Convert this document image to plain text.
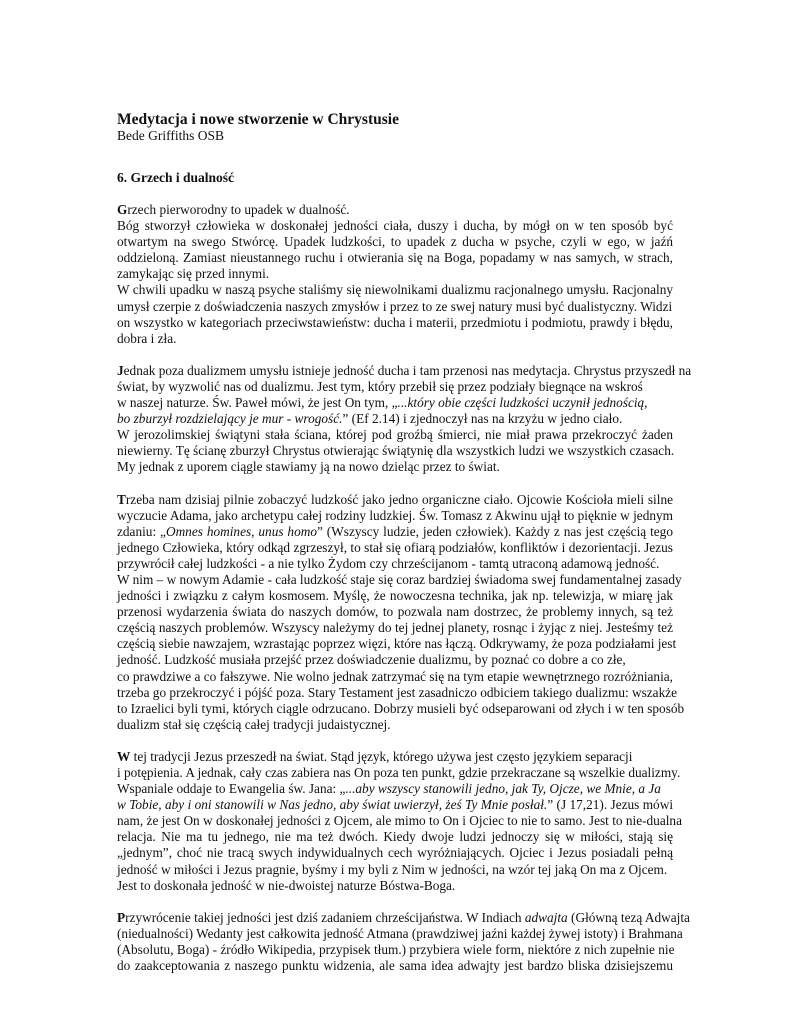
Medytacja i nowe stworzenie w Chrystusie

Bede Griffiths OSB

6. Grzech i dualność

Grzech pierworodny to upadek w dualność.
Bóg stworzył człowieka w doskonałej jedności ciała, duszy i ducha, by mógł on w ten sposób być
otwartym na swego Stwórcę. Upadek ludzkości, to upadek z ducha w psyche, czyli w ego, w jaźń
oddzieloną. Zamiast nieustannego ruchu i otwierania się na Boga, popadamy w nas samych, w strach,
zamykając się przed innymi.
W chwili upadku w naszą psyche staliśmy się niewolnikami dualizmu racjonalnego umysłu. Racjonalny
umysł czerpie z doświadczenia naszych zmysłów i przez to ze swej natury musi być dualistyczny. Widzi
on wszystko w kategoriach przeciwstawieństw: ducha i materii, przedmiotu i podmiotu, prawdy i błędu,
dobra i zła.

Jednak poza dualizmem umysłu istnieje jedność ducha i tam przenosi nas medytacja. Chrystus przyszedł na
świat, by wyzwolić nas od dualizmu. Jest tym, który przebił się przez podziały biegnące na wskroś
w naszej naturze. Św. Paweł mówi, że jest On tym, „...który obie części ludzkości uczynił jednością,
bo zburzył rozdzielający je mur - wrogość.” (Ef 2.14) i zjednoczył nas na krzyżu w jedno ciało.
W jerozolimskiej świątyni stała ściana, której pod groźbą śmierci, nie miał prawa przekroczyć żaden
niewierny. Tę ścianę zburzył Chrystus otwierając świątynię dla wszystkich ludzi we wszystkich czasach.
My jednak z uporem ciągle stawiamy ją na nowo dzieląc przez to świat.

Trzeba nam dzisiaj pilnie zobaczyć ludzkość jako jedno organiczne ciało. Ojcowie Kościoła mieli silne
wyczucie Adama, jako archetypu całej rodziny ludzkiej. Św. Tomasz z Akwinu ujął to pięknie w jednym
zdaniu: „Omnes homines, unus homo” (Wszyscy ludzie, jeden człowiek). Każdy z nas jest częścią tego
jednego Człowieka, który odkąd zgrzeszył, to stał się ofiarą podziałów, konfliktów i dezorientacji. Jezus
przywrócił całej ludzkości - a nie tylko Żydom czy chrześcijanom - tamtą utraconą adamową jedność.
W nim – w nowym Adamie - cała ludzkość staje się coraz bardziej świadoma swej fundamentalnej zasady
jedności i związku z całym kosmosem. Myślę, że nowoczesna technika, jak np. telewizja, w miarę jak
przenosi wydarzenia świata do naszych domów, to pozwala nam dostrzec, że problemy innych, są też
częścią naszych problemów. Wszyscy należymy do tej jednej planety, rosnąc i żyjąc z niej. Jesteśmy też
częścią siebie nawzajem, wzrastając poprzez więzi, które nas łączą. Odkrywamy, że poza podziałami jest
jedność. Ludzkość musiała przejść przez doświadczenie dualizmu, by poznać co dobre a co złe,
co prawdziwe a co fałszywe. Nie wolno jednak zatrzymać się na tym etapie wewnętrznego rozróżniania,
trzeba go przekroczyć i pójść poza. Stary Testament jest zasadniczo odbiciem takiego dualizmu: wszakże
to Izraelici byli tymi, których ciągle odrzucano. Dobrzy musieli być odseparowani od złych i w ten sposób
dualizm stał się częścią całej tradycji judaistycznej.

W tej tradycji Jezus przeszedł na świat. Stąd język, którego używa jest często językiem separacji
i potępienia. A jednak, cały czas zabiera nas On poza ten punkt, gdzie przekraczane są wszelkie dualizmy.
Wspaniale oddaje to Ewangelia św. Jana: „...aby wszyscy stanowili jedno, jak Ty, Ojcze, we Mnie, a Ja
w Tobie, aby i oni stanowili w Nas jedno, aby świat uwierzył, żeś Ty Mnie posłał.” (J 17,21). Jezus mówi
nam, że jest On w doskonałej jedności z Ojcem, ale mimo to On i Ojciec to nie to samo. Jest to nie-dualna
relacja. Nie ma tu jednego, nie ma też dwóch. Kiedy dwoje ludzi jednoczy się w miłości, stają się
„jednym”, choć nie tracą swych indywidualnych cech wyróżniających. Ojciec i Jezus posiadali pełną
jedność w miłości i Jezus pragnie, byśmy i my byli z Nim w jedności, na wzór tej jaką On ma z Ojcem.
Jest to doskonała jedność w nie-dwoistej naturze Bóstwa-Boga.

Przywrócenie takiej jedności jest dziś zadaniem chrześcijaństwa. W Indiach adwajta (Główną tezą Adwajta
(niedualności) Wedanty jest całkowita jedność Atmana (prawdziwej jaźni każdej żywej istoty) i Brahmana
(Absolutu, Boga) - źródło Wikipedia, przypisek tłum.) przybiera wiele form, niektóre z nich zupełnie nie
do zaakceptowania z naszego punktu widzenia, ale sama idea adwajty jest bardzo bliska dzisiejszemu
